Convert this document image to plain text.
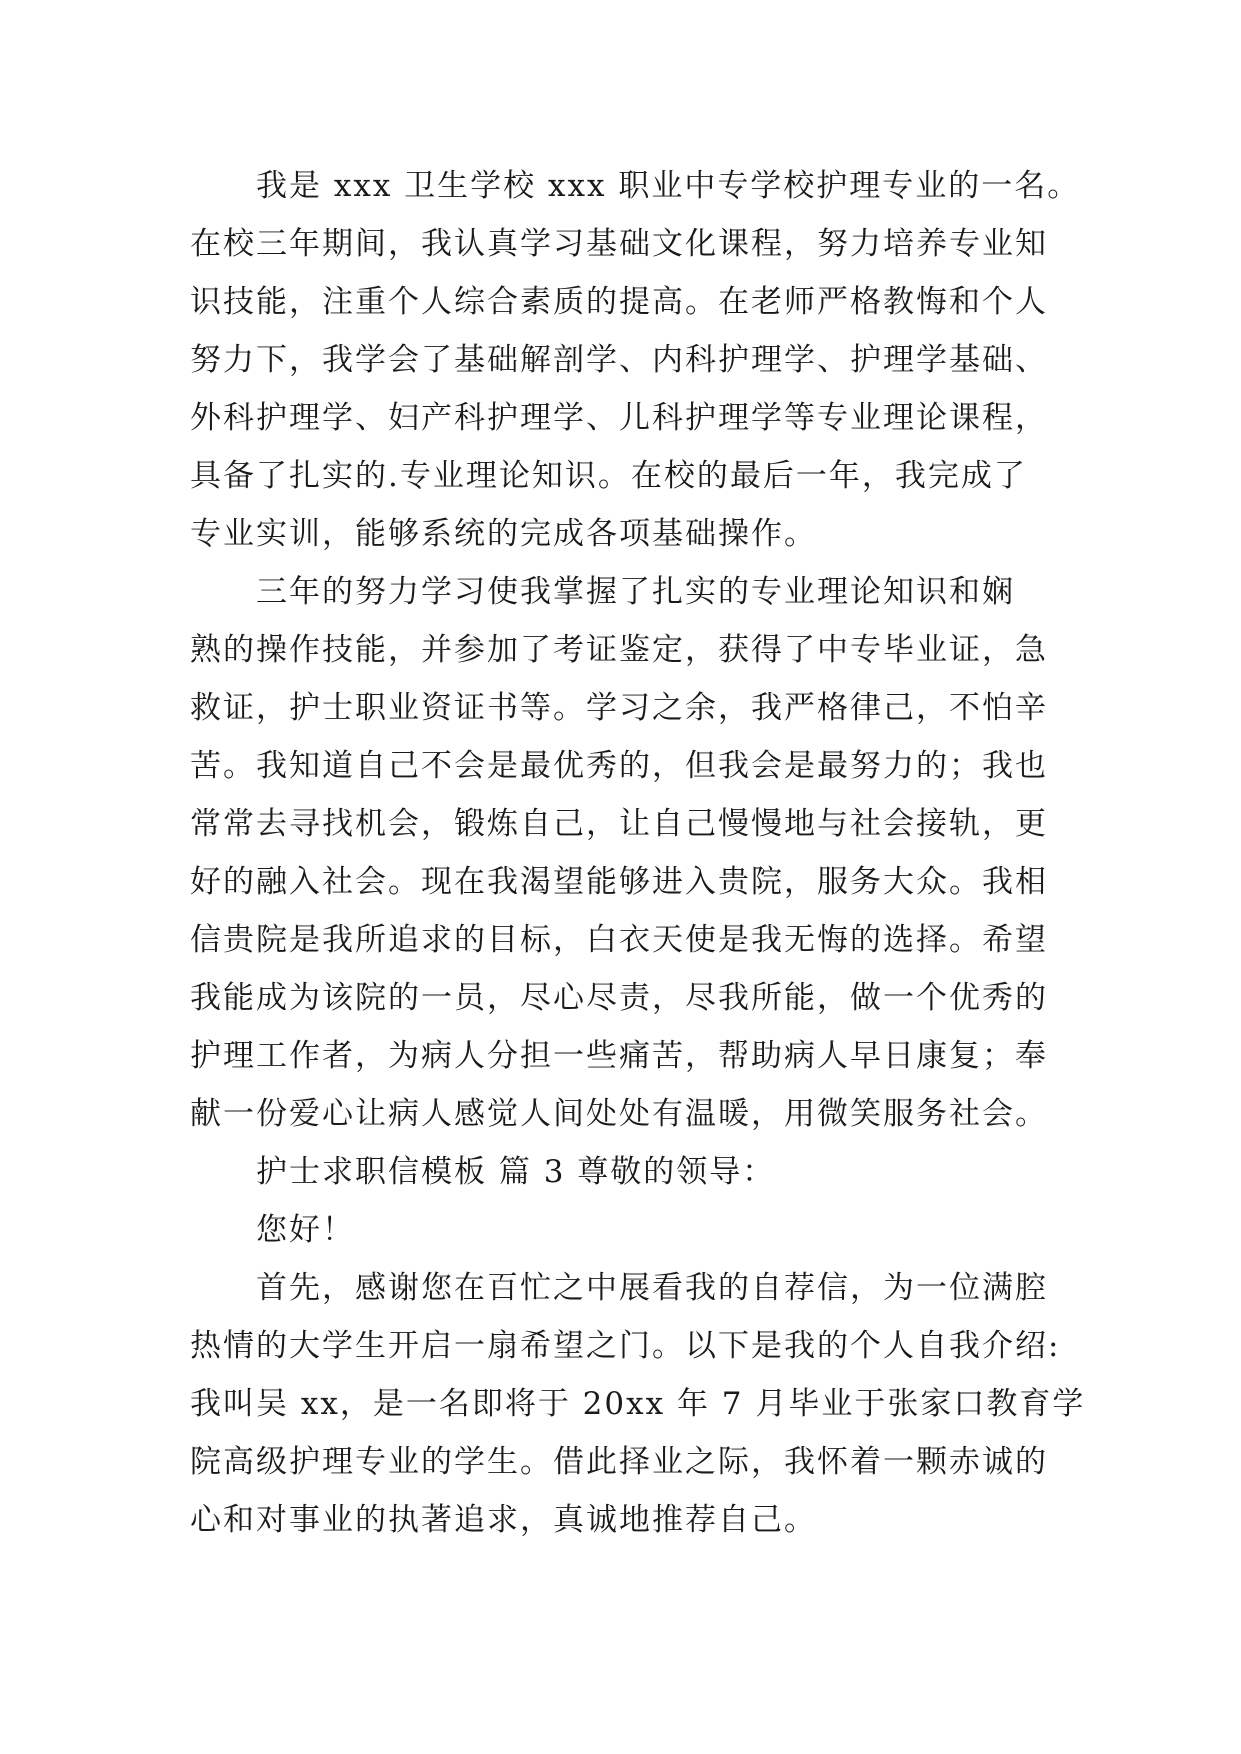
我是 xxx 卫生学校 xxx 职业中专学校护理专业的一名。
在校三年期间，我认真学习基础文化课程，努力培养专业知
识技能，注重个人综合素质的提高。在老师严格教悔和个人
努力下，我学会了基础解剖学、内科护理学、护理学基础、
外科护理学、妇产科护理学、儿科护理学等专业理论课程，
具备了扎实的.专业理论知识。在校的最后一年，我完成了
专业实训，能够系统的完成各项基础操作。
三年的努力学习使我掌握了扎实的专业理论知识和娴
熟的操作技能，并参加了考证鉴定，获得了中专毕业证，急
救证，护士职业资证书等。学习之余，我严格律己，不怕辛
苦。我知道自己不会是最优秀的，但我会是最努力的；我也
常常去寻找机会，锻炼自己，让自己慢慢地与社会接轨，更
好的融入社会。现在我渴望能够进入贵院，服务大众。我相
信贵院是我所追求的目标，白衣天使是我无悔的选择。希望
我能成为该院的一员，尽心尽责，尽我所能，做一个优秀的
护理工作者，为病人分担一些痛苦，帮助病人早日康复；奉
献一份爱心让病人感觉人间处处有温暖，用微笑服务社会。
护士求职信模板 篇 3 尊敬的领导：
您好！
首先，感谢您在百忙之中展看我的自荐信，为一位满腔
热情的大学生开启一扇希望之门。以下是我的个人自我介绍:
我叫吴 xx，是一名即将于 20xx 年 7 月毕业于张家口教育学
院高级护理专业的学生。借此择业之际，我怀着一颗赤诚的
心和对事业的执著追求，真诚地推荐自己。
